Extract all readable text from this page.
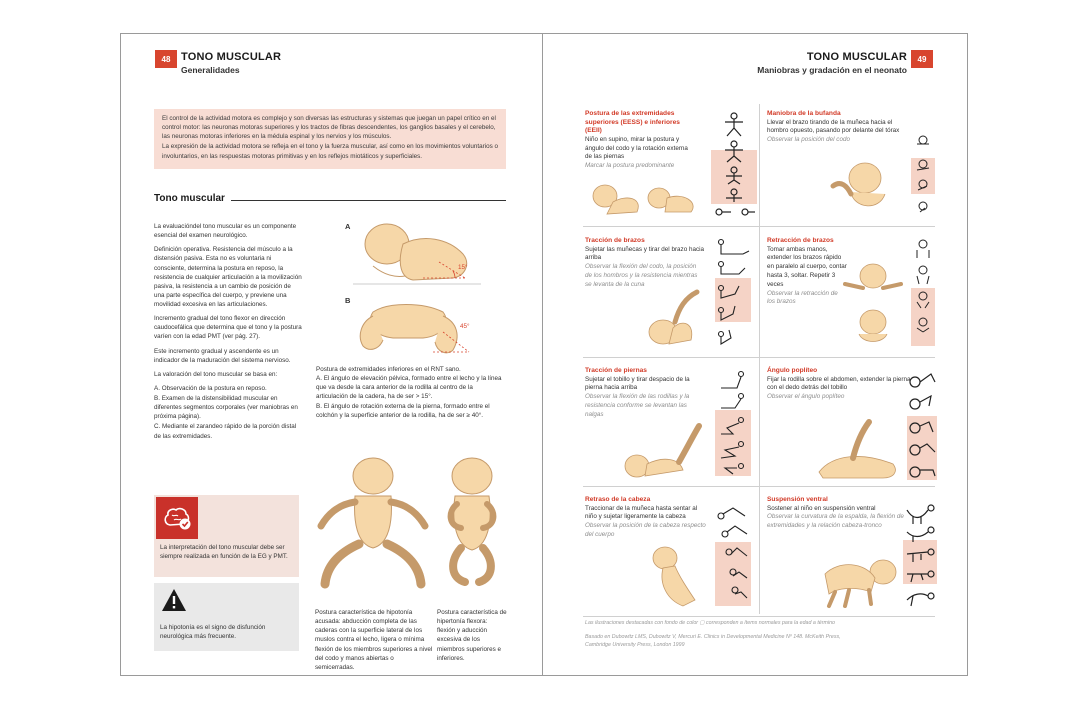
48 TONO MUSCULAR
Generalidades

El control de la actividad motora es complejo y son diversas las estructuras y sistemas que juegan un papel crítico en el control motor: las neuronas motoras superiores y los tractos de fibras descendentes, los ganglios basales y el cerebelo, las neuronas motoras inferiores en la médula espinal y los nervios y los músculos.

La expresión de la actividad motora se refleja en el tono y la fuerza muscular, así como en los movimientos voluntarios o involuntarios, en las respuestas motoras primitivas y en los reflejos miotáticos y superficiales.

Tono muscular

La evaluacióndel tono muscular es un componente esencial del examen neurológico.

Definición operativa. Resistencia del músculo a la distensión pasiva. Esta no es voluntaria ni consciente, determina la postura en reposo, la resistencia de cualquier articulación a la movilización pasiva, la resistencia a un cambio de posición de una parte específica del cuerpo, y previene una movilidad excesiva en las articulaciones.

Incremento gradual del tono flexor en dirección caudocefálica que determina que el tono y la postura varíen con la edad PMT (ver pág. 27).

Este incremento gradual y ascendente es un indicador de la maduración del sistema nervioso.

La valoración del tono muscular se basa en:

A. Observación de la postura en reposo.
B. Examen de la distensibilidad muscular en diferentes segmentos corporales (ver maniobras en próxima página).
C. Mediante el zarandeo rápido de la porción distal de las extremidades.
La interpretación del tono muscular debe ser siempre realizada en función de la EG y PMT.
La hipotonía es el signo de disfunción neurológica más frecuente.
A
15°
B
45°
Postura de extremidades inferiores en el RNT sano.
A. El ángulo de elevación pélvica, formado entre el lecho y la línea que va desde la cara anterior de la rodilla al centro de la articulación de la cadera, ha de ser > 15°.
B. El ángulo de rotación externa de la pierna, formado entre el colchón y la superficie anterior de la rodilla, ha de ser ≥ 40°.
Postura característica de hipotonía acusada: abducción completa de las caderas con la superficie lateral de los muslos contra el lecho, ligera o mínima flexión de los miembros superiores a nivel del codo y manos abiertas o semicerradas.
Postura característica de hipertonía flexora: flexión y aducción excesiva de los miembros superiores e inferiores.
TONO MUSCULAR
Maniobras y gradación en el neonato
49
Postura de las extremidades superiores (EESS) e inferiores (EEII)
Niño en supino, mirar la postura y ángulo del codo y la rotación externa de las piernas
Marcar la postura predominante
Maniobra de la bufanda
Llevar el brazo tirando de la muñeca hacia el hombro opuesto, pasando por delante del tórax
Observar la posición del codo
Tracción de brazos
Sujetar las muñecas y tirar del brazo hacia arriba
Observar la flexión del codo, la posición de los hombros y la resistencia mientras se levanta de la cuna
Retracción de brazos
Tomar ambas manos, extender los brazos rápido en paralelo al cuerpo, contar hasta 3, soltar. Repetir 3 veces
Observar la retracción de los brazos
Tracción de piernas
Sujetar el tobillo y tirar despacio de la pierna hacia arriba
Observar la flexión de las rodillas y la resistencia conforme se levantan las nalgas
Ángulo poplíteo
Fijar la rodilla sobre el abdomen, extender la pierna con el dedo detrás del tobillo
Observar el ángulo poplíteo
Retraso de la cabeza
Traccionar de la muñeca hasta sentar al niño y sujetar ligeramente la cabeza
Observar la posición de la cabeza respecto del cuerpo
Suspensión ventral
Sostener al niño en suspensión ventral
Observar la curvatura de la espalda, la flexión de extremidades y la relación cabeza-tronco
Las ilustraciones destacadas con fondo de color ▢ corresponden a ítems normales para la edad a término
Basado en Dubowitz LMS, Dubowitz V, Mercuri E. Clinics in Developmental Medicine Nº 148. McKeith Press,
Cambridge University Press, London 1999
